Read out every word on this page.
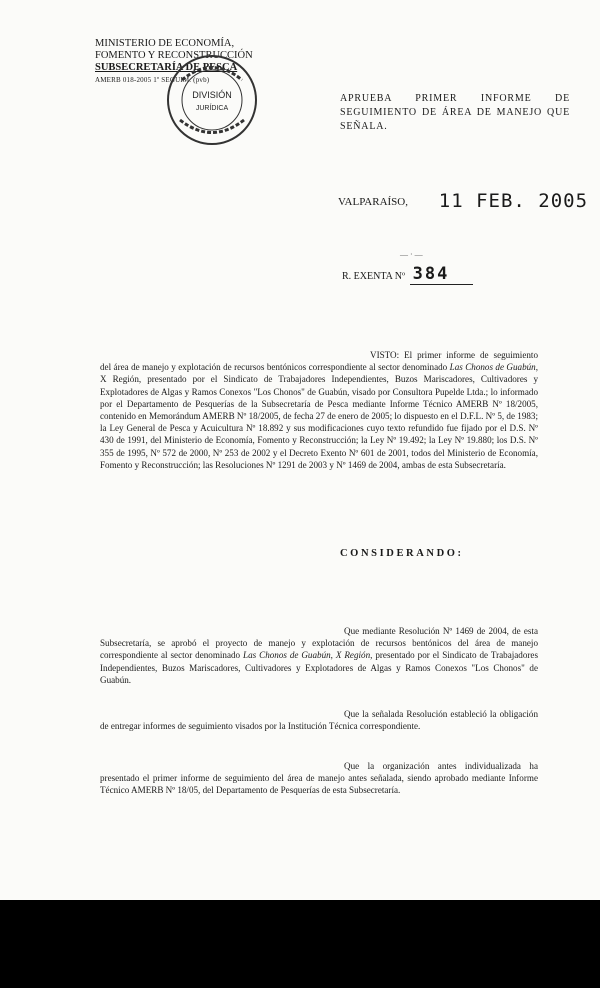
MINISTERIO DE ECONOMÍA,
FOMENTO Y RECONSTRUCCIÓN
SUBSECRETARÍA DE PESCA
AMERB 018-2005 1º SEGUIM. (pvb)
DIVISIÓN
JURÍDICA
APRUEBA PRIMER INFORME DE SEGUIMIENTO DE ÁREA DE MANEJO QUE SEÑALA.
VALPARAÍSO, 11 FEB. 2005
— · —
R. EXENTA Nº 384
VISTO: El primer informe de seguimiento del área de manejo y explotación de recursos bentónicos correspondiente al sector denominado Las Chonos de Guabún, X Región, presentado por el Sindicato de Trabajadores Independientes, Buzos Mariscadores, Cultivadores y Explotadores de Algas y Ramos Conexos "Los Chonos" de Guabún, visado por Consultora Pupelde Ltda.; lo informado por el Departamento de Pesquerías de la Subsecretaría de Pesca mediante Informe Técnico AMERB Nº 18/2005, contenido en Memorándum AMERB Nº 18/2005, de fecha 27 de enero de 2005; lo dispuesto en el D.F.L. Nº 5, de 1983; la Ley General de Pesca y Acuicultura Nº 18.892 y sus modificaciones cuyo texto refundido fue fijado por el D.S. Nº 430 de 1991, del Ministerio de Economía, Fomento y Reconstrucción; la Ley Nº 19.492; la Ley Nº 19.880; los D.S. Nº 355 de 1995, Nº 572 de 2000, Nº 253 de 2002 y el Decreto Exento Nº 601 de 2001, todos del Ministerio de Economía, Fomento y Reconstrucción; las Resoluciones Nº 1291 de 2003 y Nº 1469 de 2004, ambas de esta Subsecretaría.
CONSIDERANDO:
Que mediante Resolución Nº 1469 de 2004, de esta Subsecretaría, se aprobó el proyecto de manejo y explotación de recursos bentónicos del área de manejo correspondiente al sector denominado Las Chonos de Guabún, X Región, presentado por el Sindicato de Trabajadores Independientes, Buzos Mariscadores, Cultivadores y Explotadores de Algas y Ramos Conexos "Los Chonos" de Guabún.
Que la señalada Resolución estableció la obligación de entregar informes de seguimiento visados por la Institución Técnica correspondiente.
Que la organización antes individualizada ha presentado el primer informe de seguimiento del área de manejo antes señalada, siendo aprobado mediante Informe Técnico AMERB Nº 18/05, del Departamento de Pesquerías de esta Subsecretaría.
